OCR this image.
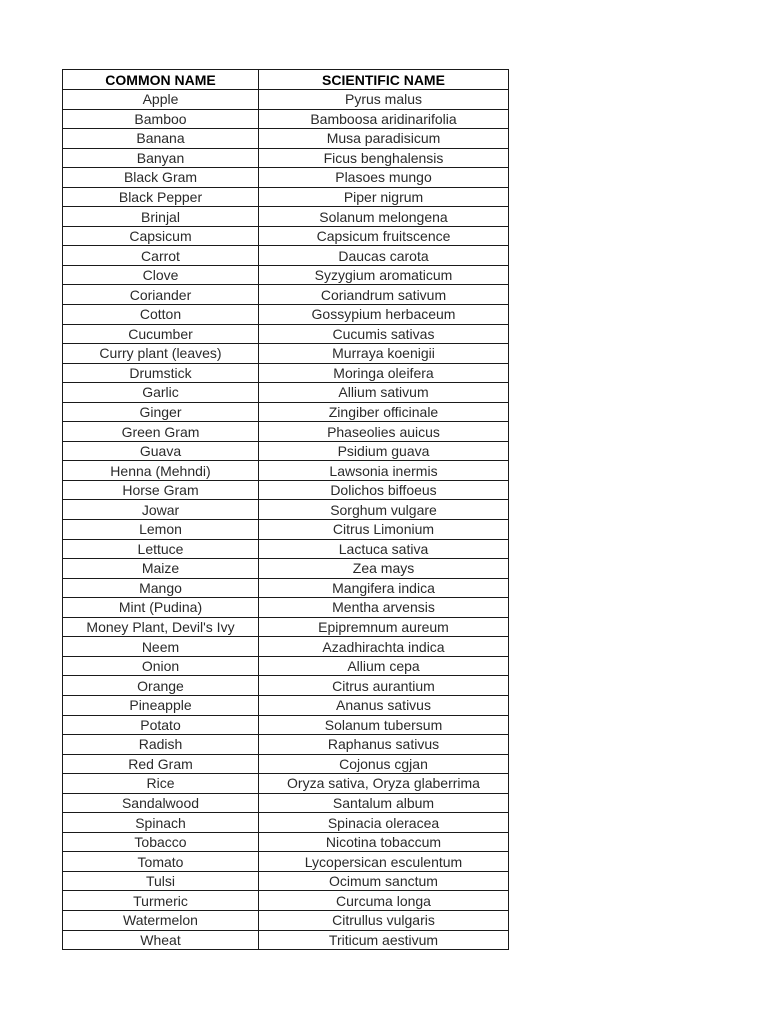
COMMON NAME	SCIENTIFIC NAME
Apple	Pyrus malus
Bamboo	Bamboosa aridinarifolia
Banana	Musa paradisicum
Banyan	Ficus benghalensis
Black Gram	Plasoes mungo
Black Pepper	Piper nigrum
Brinjal	Solanum melongena
Capsicum	Capsicum fruitscence
Carrot	Daucas carota
Clove	Syzygium aromaticum
Coriander	Coriandrum sativum
Cotton	Gossypium herbaceum
Cucumber	Cucumis sativas
Curry plant (leaves)	Murraya koenigii
Drumstick	Moringa oleifera
Garlic	Allium sativum
Ginger	Zingiber officinale
Green Gram	Phaseolies auicus
Guava	Psidium guava
Henna (Mehndi)	Lawsonia inermis
Horse Gram	Dolichos biffoeus
Jowar	Sorghum vulgare
Lemon	Citrus Limonium
Lettuce	Lactuca sativa
Maize	Zea mays
Mango	Mangifera indica
Mint (Pudina)	Mentha arvensis
Money Plant, Devil's Ivy	Epipremnum aureum
Neem	Azadhirachta indica
Onion	Allium cepa
Orange	Citrus aurantium
Pineapple	Ananus sativus
Potato	Solanum tubersum
Radish	Raphanus sativus
Red Gram	Cojonus cgjan
Rice	Oryza sativa, Oryza glaberrima
Sandalwood	Santalum album
Spinach	Spinacia oleracea
Tobacco	Nicotina tobaccum
Tomato	Lycopersican esculentum
Tulsi	Ocimum sanctum
Turmeric	Curcuma longa
Watermelon	Citrullus vulgaris
Wheat	Triticum aestivum
